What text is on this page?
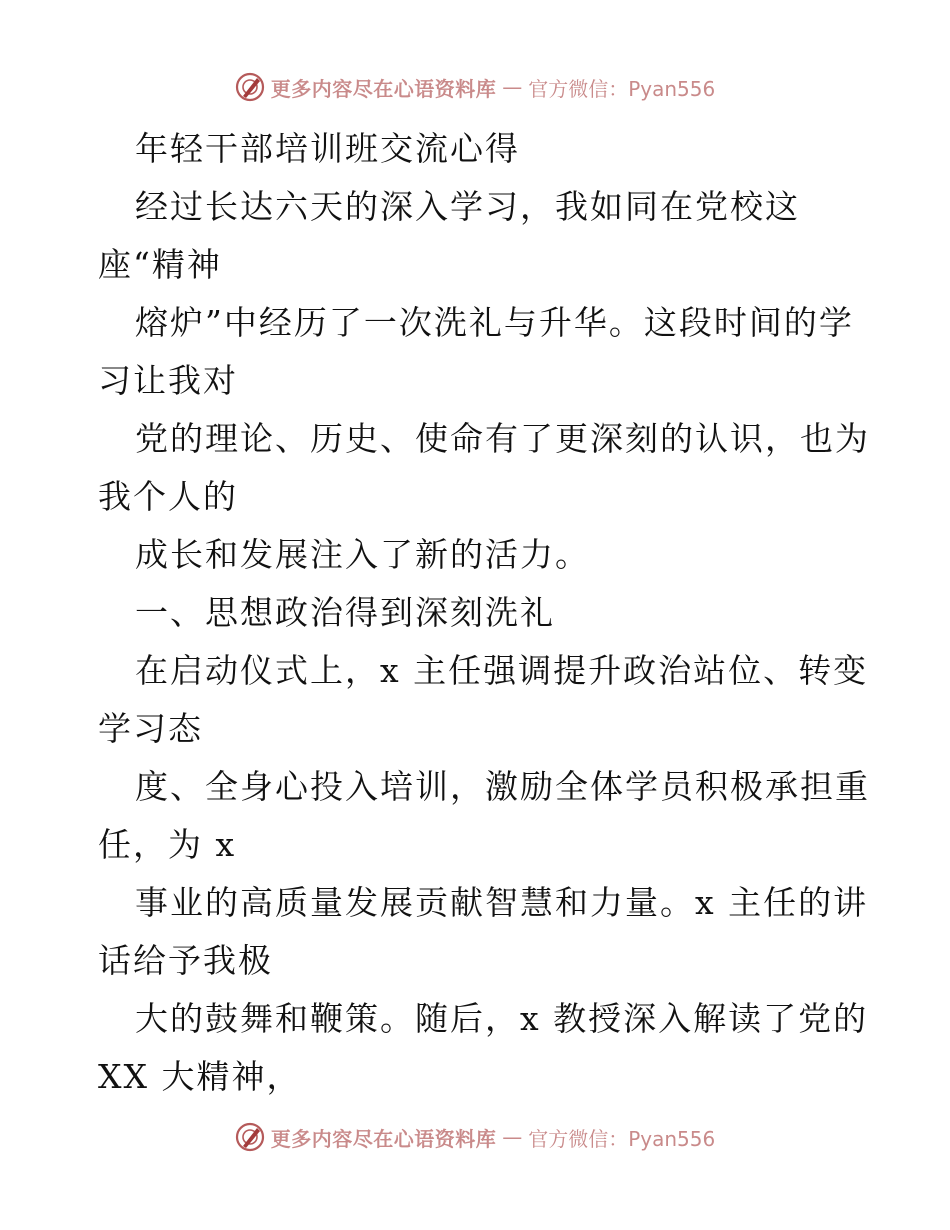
更多内容尽在心语资料库 — 官方微信：Pyan556
年轻干部培训班交流心得
经过长达六天的深入学习，我如同在党校这
座“精神
熔炉”中经历了一次洗礼与升华。这段时间的学
习让我对
党的理论、历史、使命有了更深刻的认识，也为
我个人的
成长和发展注入了新的活力。
一、思想政治得到深刻洗礼
在启动仪式上，x 主任强调提升政治站位、转变
学习态
度、全身心投入培训，激励全体学员积极承担重
任，为 x
事业的高质量发展贡献智慧和力量。x 主任的讲
话给予我极
大的鼓舞和鞭策。随后，x 教授深入解读了党的
XX 大精神，
更多内容尽在心语资料库 — 官方微信：Pyan556
